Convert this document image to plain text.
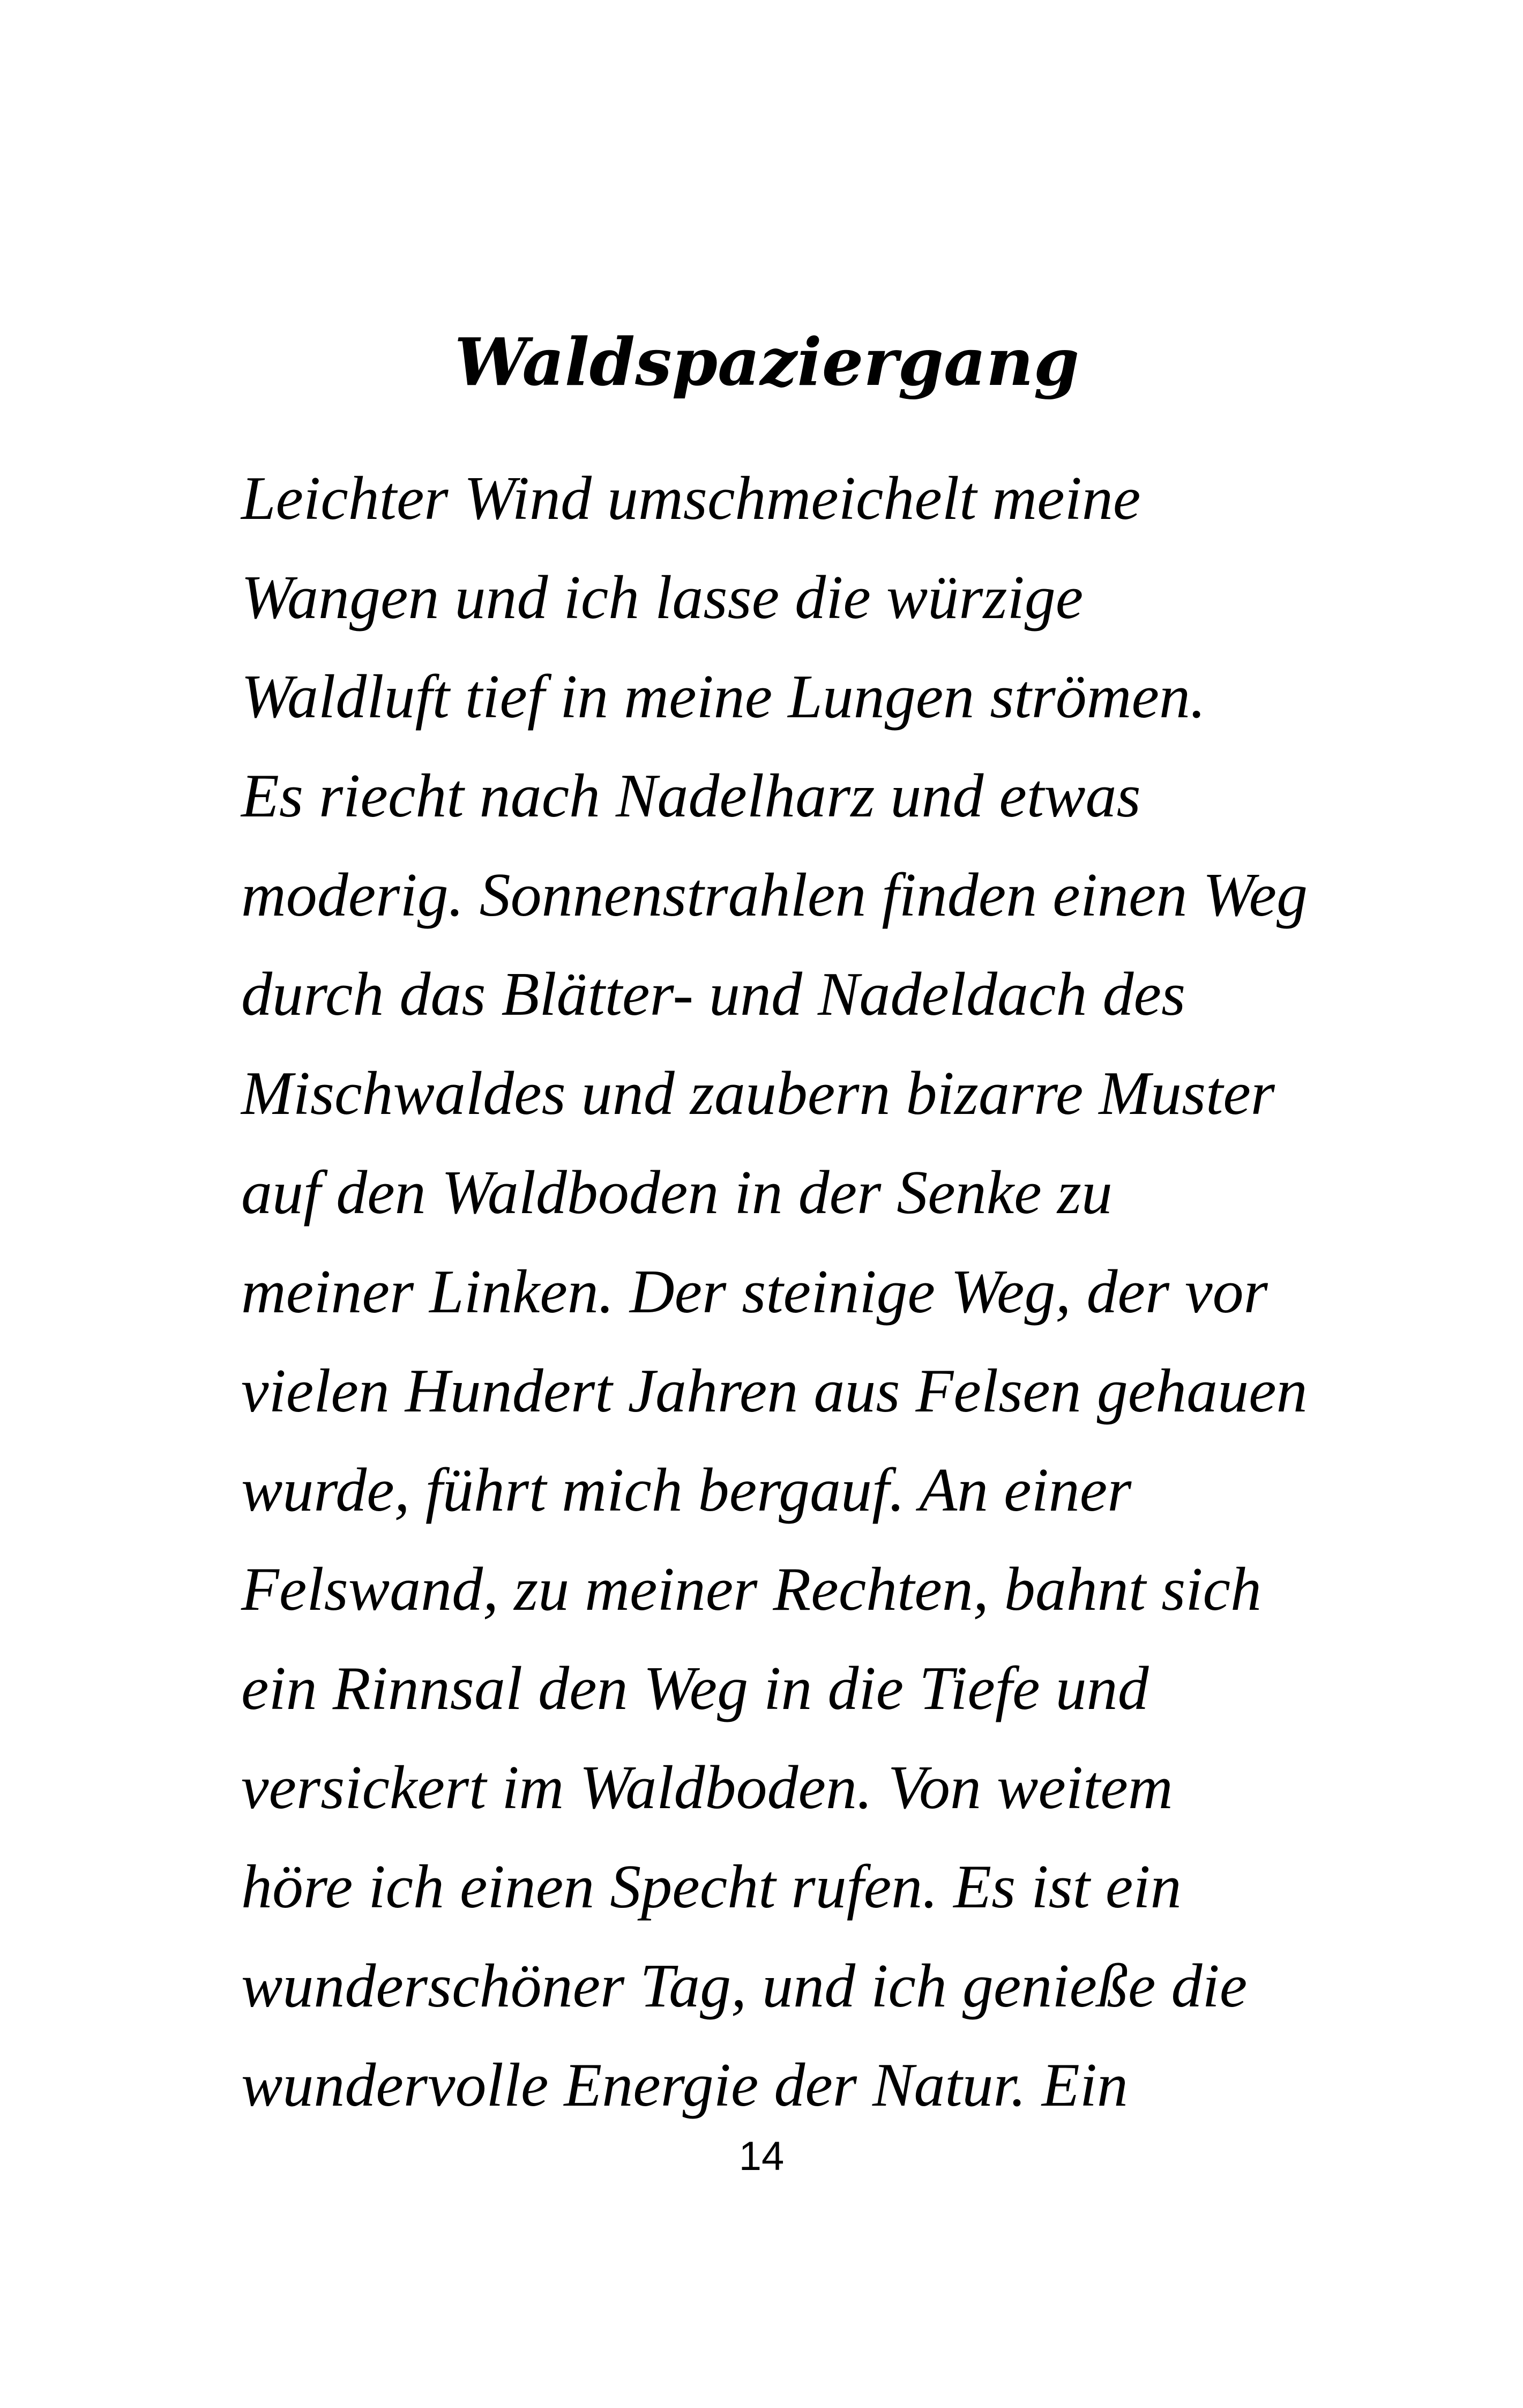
Waldspaziergang
Leichter Wind umschmeichelt meine
Wangen und ich lasse die würzige
Waldluft tief in meine Lungen strömen.
Es riecht nach Nadelharz und etwas
moderig. Sonnenstrahlen finden einen Weg
durch das Blätter- und Nadeldach des
Mischwaldes und zaubern bizarre Muster
auf den Waldboden in der Senke zu
meiner Linken. Der steinige Weg, der vor
vielen Hundert Jahren aus Felsen gehauen
wurde, führt mich bergauf. An einer
Felswand, zu meiner Rechten, bahnt sich
ein Rinnsal den Weg in die Tiefe und
versickert im Waldboden. Von weitem
höre ich einen Specht rufen. Es ist ein
wunderschöner Tag, und ich genieße die
wundervolle Energie der Natur. Ein
14
